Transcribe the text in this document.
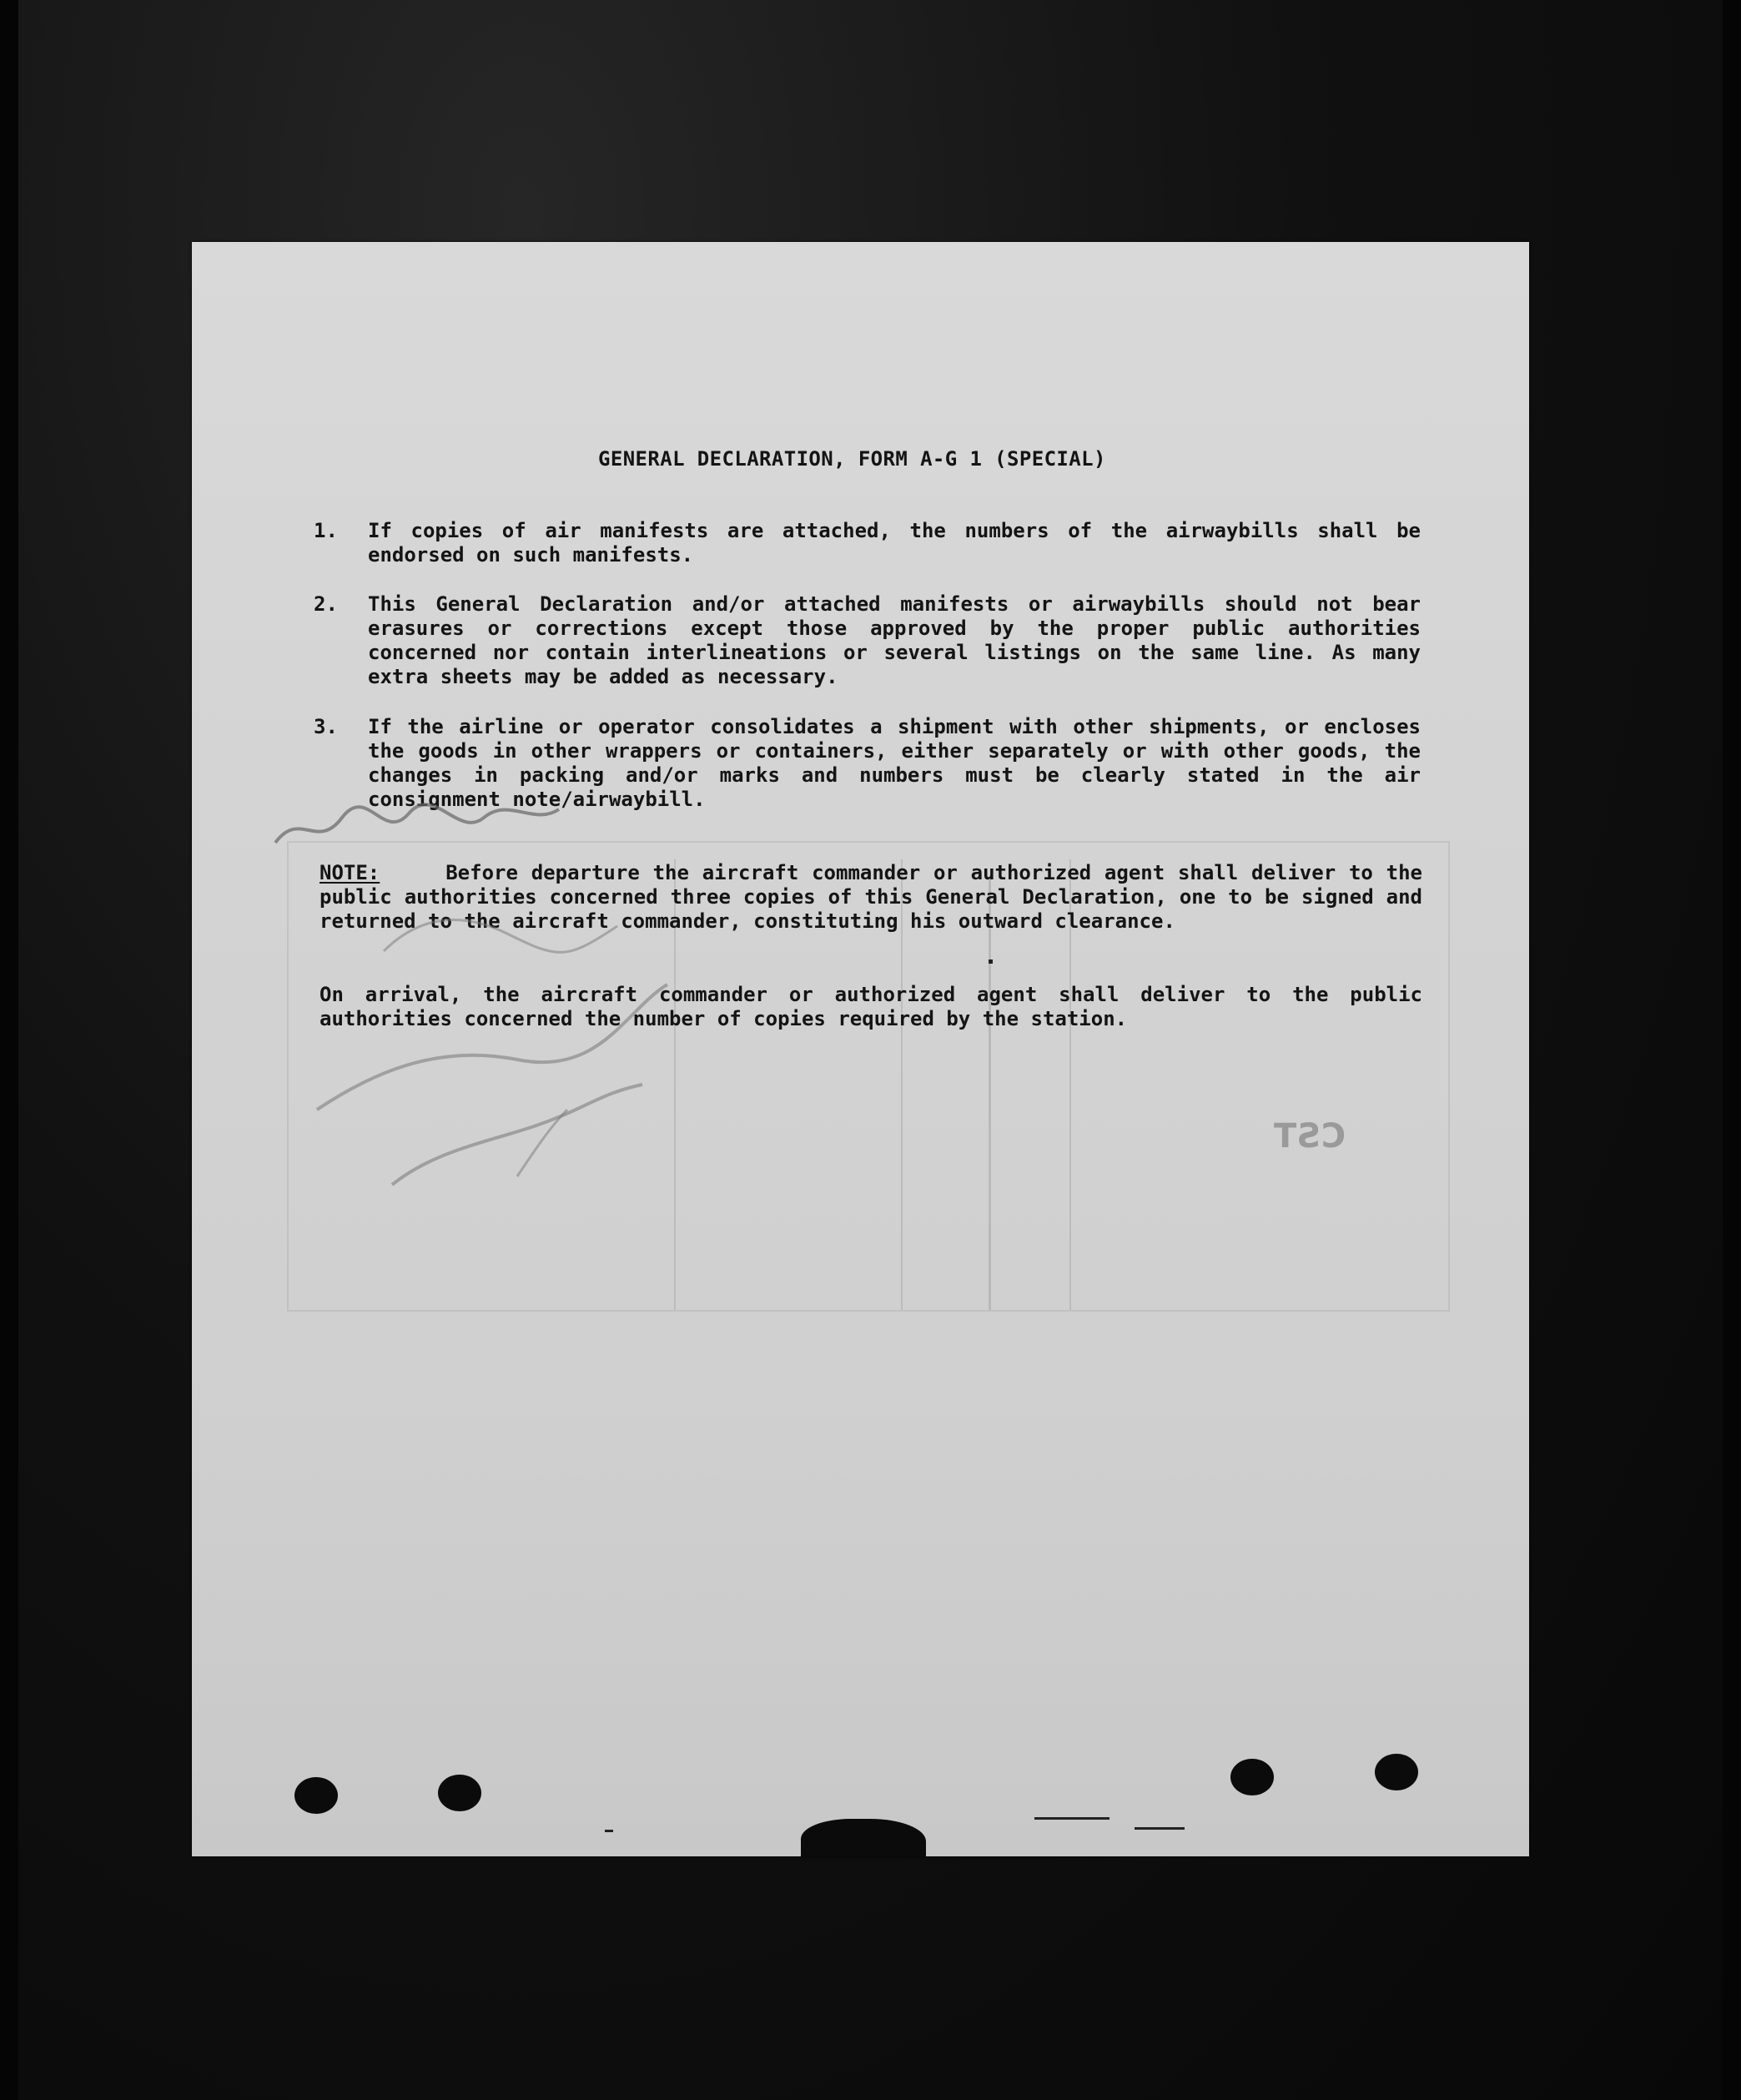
CST
GENERAL DECLARATION, FORM A-G 1 (SPECIAL)
1.	If copies of air manifests are attached, the numbers of the airwaybills shall be endorsed on such manifests.
2.	This General Declaration and/or attached manifests or airwaybills should not bear erasures or corrections except those approved by the proper public authorities concerned nor contain interlineations or several listings on the same line. As many extra sheets may be added as necessary.
3.	If the airline or operator consolidates a shipment with other shipments, or encloses the goods in other wrappers or containers, either separately or with other goods, the changes in packing and/or marks and numbers must be clearly stated in the air consignment note/airwaybill.
NOTE:	Before departure the aircraft commander or authorized agent shall deliver to the public authorities concerned three copies of this General Declaration, one to be signed and returned to the aircraft commander, constituting his outward clearance.
On arrival, the aircraft commander or authorized agent shall deliver to the public authorities concerned the number of copies required by the station.
